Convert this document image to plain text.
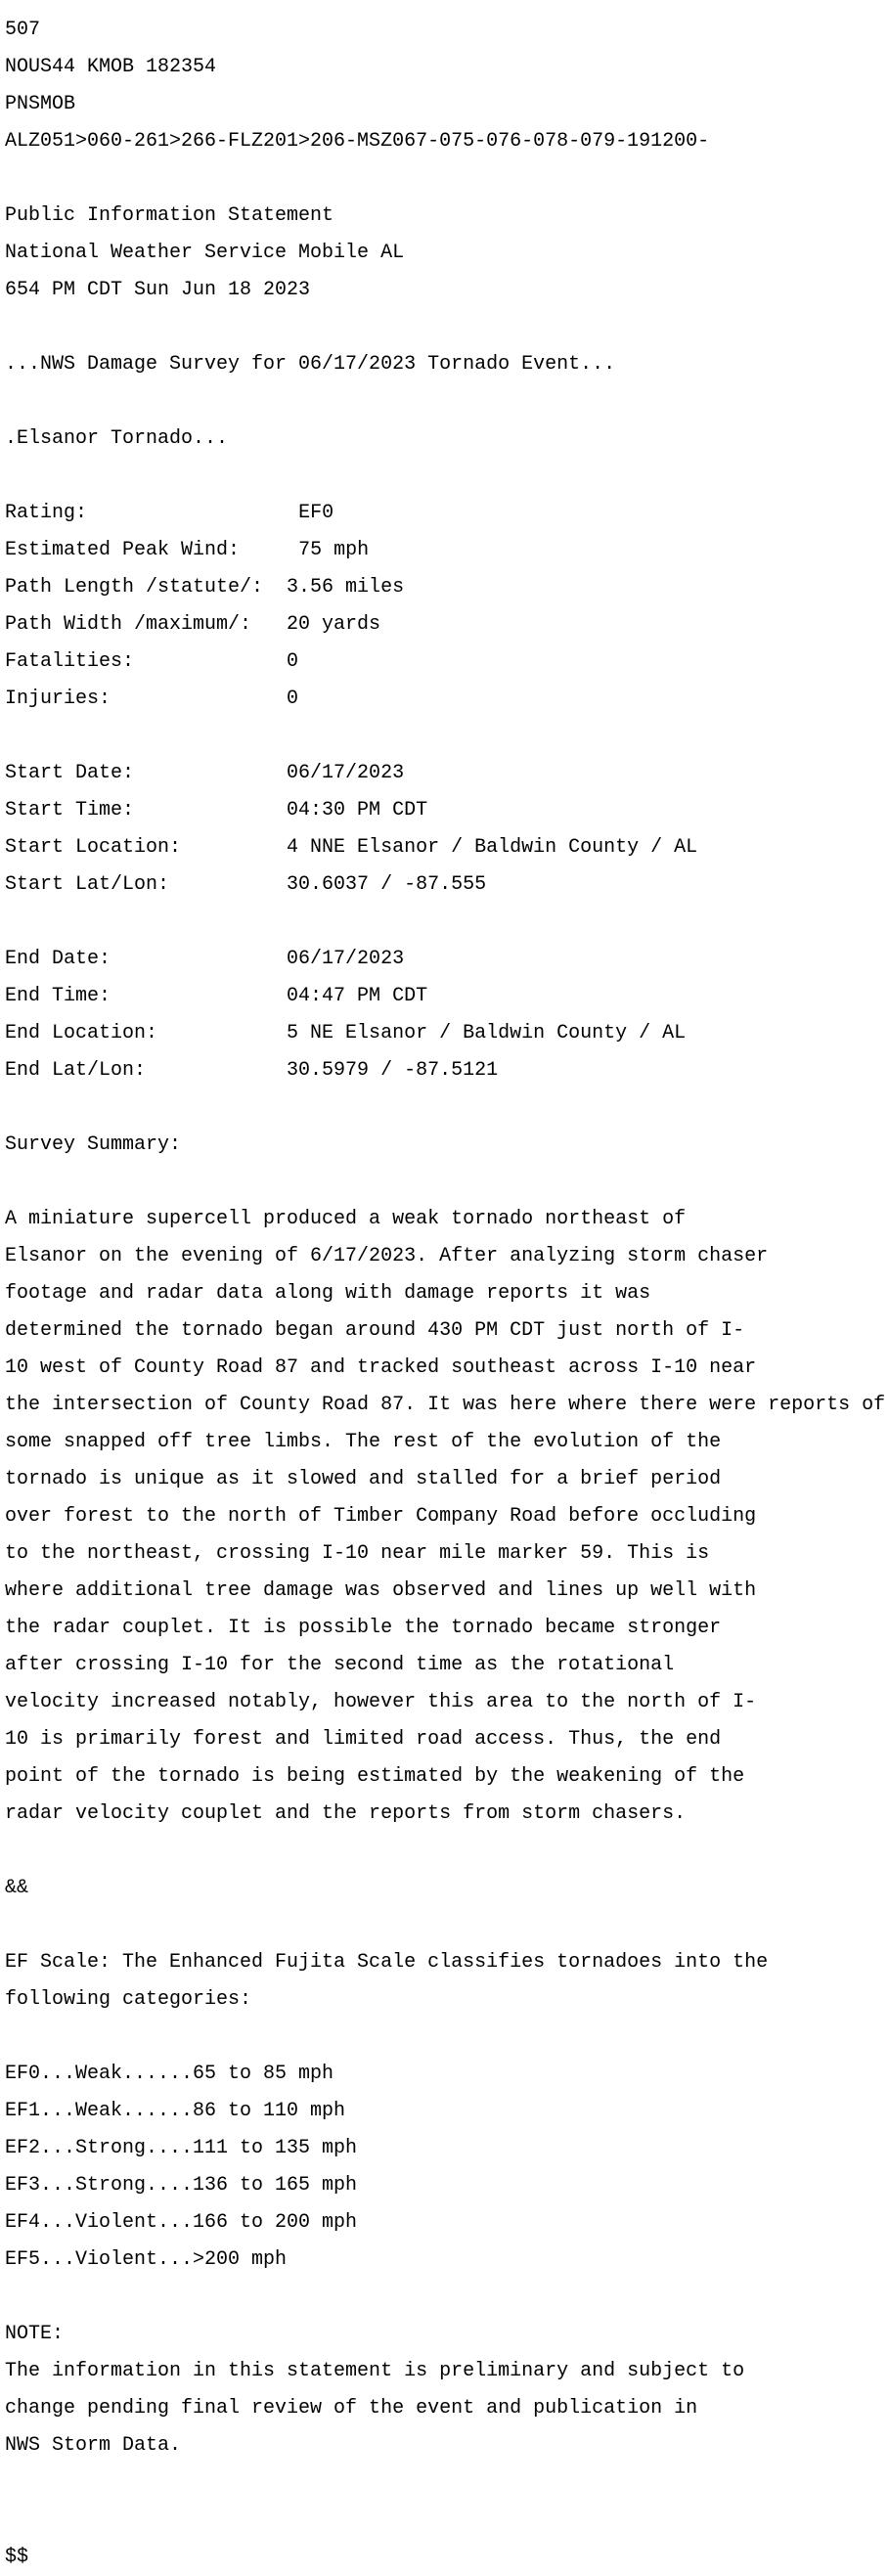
507

NOUS44 KMOB 182354

PNSMOB

ALZ051>060-261>266-FLZ201>206-MSZ067-075-076-078-079-191200-

Public Information Statement

National Weather Service Mobile AL

654 PM CDT Sun Jun 18 2023

...NWS Damage Survey for 06/17/2023 Tornado Event...

.Elsanor Tornado...

Rating:                  EF0

Estimated Peak Wind:     75 mph

Path Length /statute/:  3.56 miles

Path Width /maximum/:   20 yards

Fatalities:             0

Injuries:               0

Start Date:             06/17/2023

Start Time:             04:30 PM CDT

Start Location:         4 NNE Elsanor / Baldwin County / AL

Start Lat/Lon:          30.6037 / -87.555

End Date:               06/17/2023

End Time:               04:47 PM CDT

End Location:           5 NE Elsanor / Baldwin County / AL

End Lat/Lon:            30.5979 / -87.5121

Survey Summary:

A miniature supercell produced a weak tornado northeast of

Elsanor on the evening of 6/17/2023. After analyzing storm chaser

footage and radar data along with damage reports it was

determined the tornado began around 430 PM CDT just north of I-

10 west of County Road 87 and tracked southeast across I-10 near

the intersection of County Road 87. It was here where there were reports of

some snapped off tree limbs. The rest of the evolution of the

tornado is unique as it slowed and stalled for a brief period

over forest to the north of Timber Company Road before occluding

to the northeast, crossing I-10 near mile marker 59. This is

where additional tree damage was observed and lines up well with

the radar couplet. It is possible the tornado became stronger

after crossing I-10 for the second time as the rotational

velocity increased notably, however this area to the north of I-

10 is primarily forest and limited road access. Thus, the end

point of the tornado is being estimated by the weakening of the

radar velocity couplet and the reports from storm chasers.

&&

EF Scale: The Enhanced Fujita Scale classifies tornadoes into the

following categories:

EF0...Weak......65 to 85 mph

EF1...Weak......86 to 110 mph

EF2...Strong....111 to 135 mph

EF3...Strong....136 to 165 mph

EF4...Violent...166 to 200 mph

EF5...Violent...>200 mph

NOTE:

The information in this statement is preliminary and subject to

change pending final review of the event and publication in

NWS Storm Data.

$$
